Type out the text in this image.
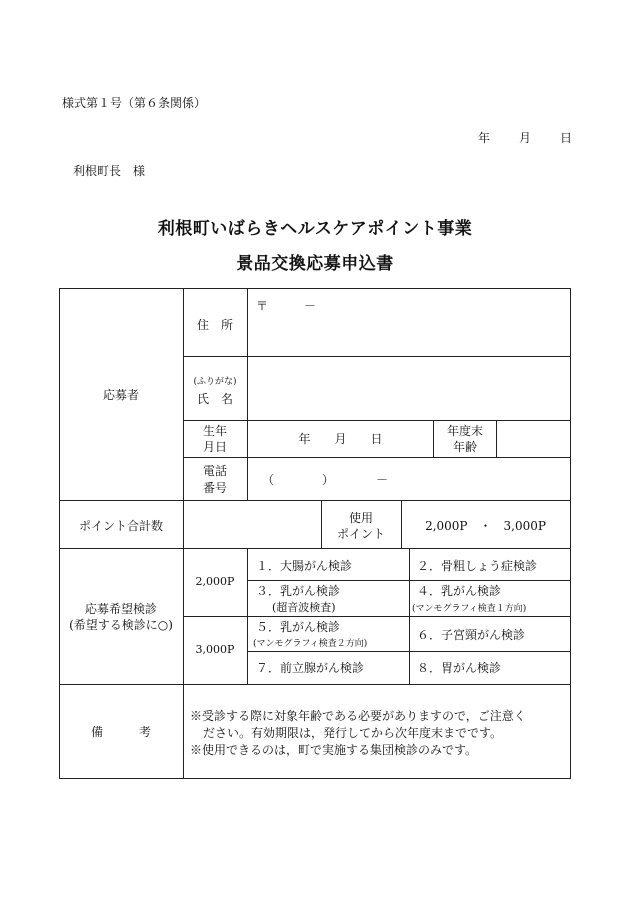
様式第１号（第６条関係）
年 月 日
利根町長　様
利根町いばらきヘルスケアポイント事業
景品交換応募申込書
応募者
住　所
〒　　　－
(ふりがな)
氏　名
生年
月日
年　　月　　日
年度末
年齢
電話
番号
（　　　　）　　　　－
ポイント合計数
使用
ポイント
2,000P　・　3,000P
応募希望検診
(希望する検診に○)
2,000P
3,000P
１．大腸がん検診	２．骨粗しょう症検診
３．乳がん検診
(超音波検査)
４．乳がん検診
(マンモグラフィ検査１方向)
５．乳がん検診
(マンモグラフィ検査２方向)
６．子宮頸がん検診
７．前立腺がん検診	８．胃がん検診
備　　　考
※受診する際に対象年齢である必要がありますので，ご注意く
ださい。有効期限は，発行してから次年度末までです。
※使用できるのは，町で実施する集団検診のみです。
